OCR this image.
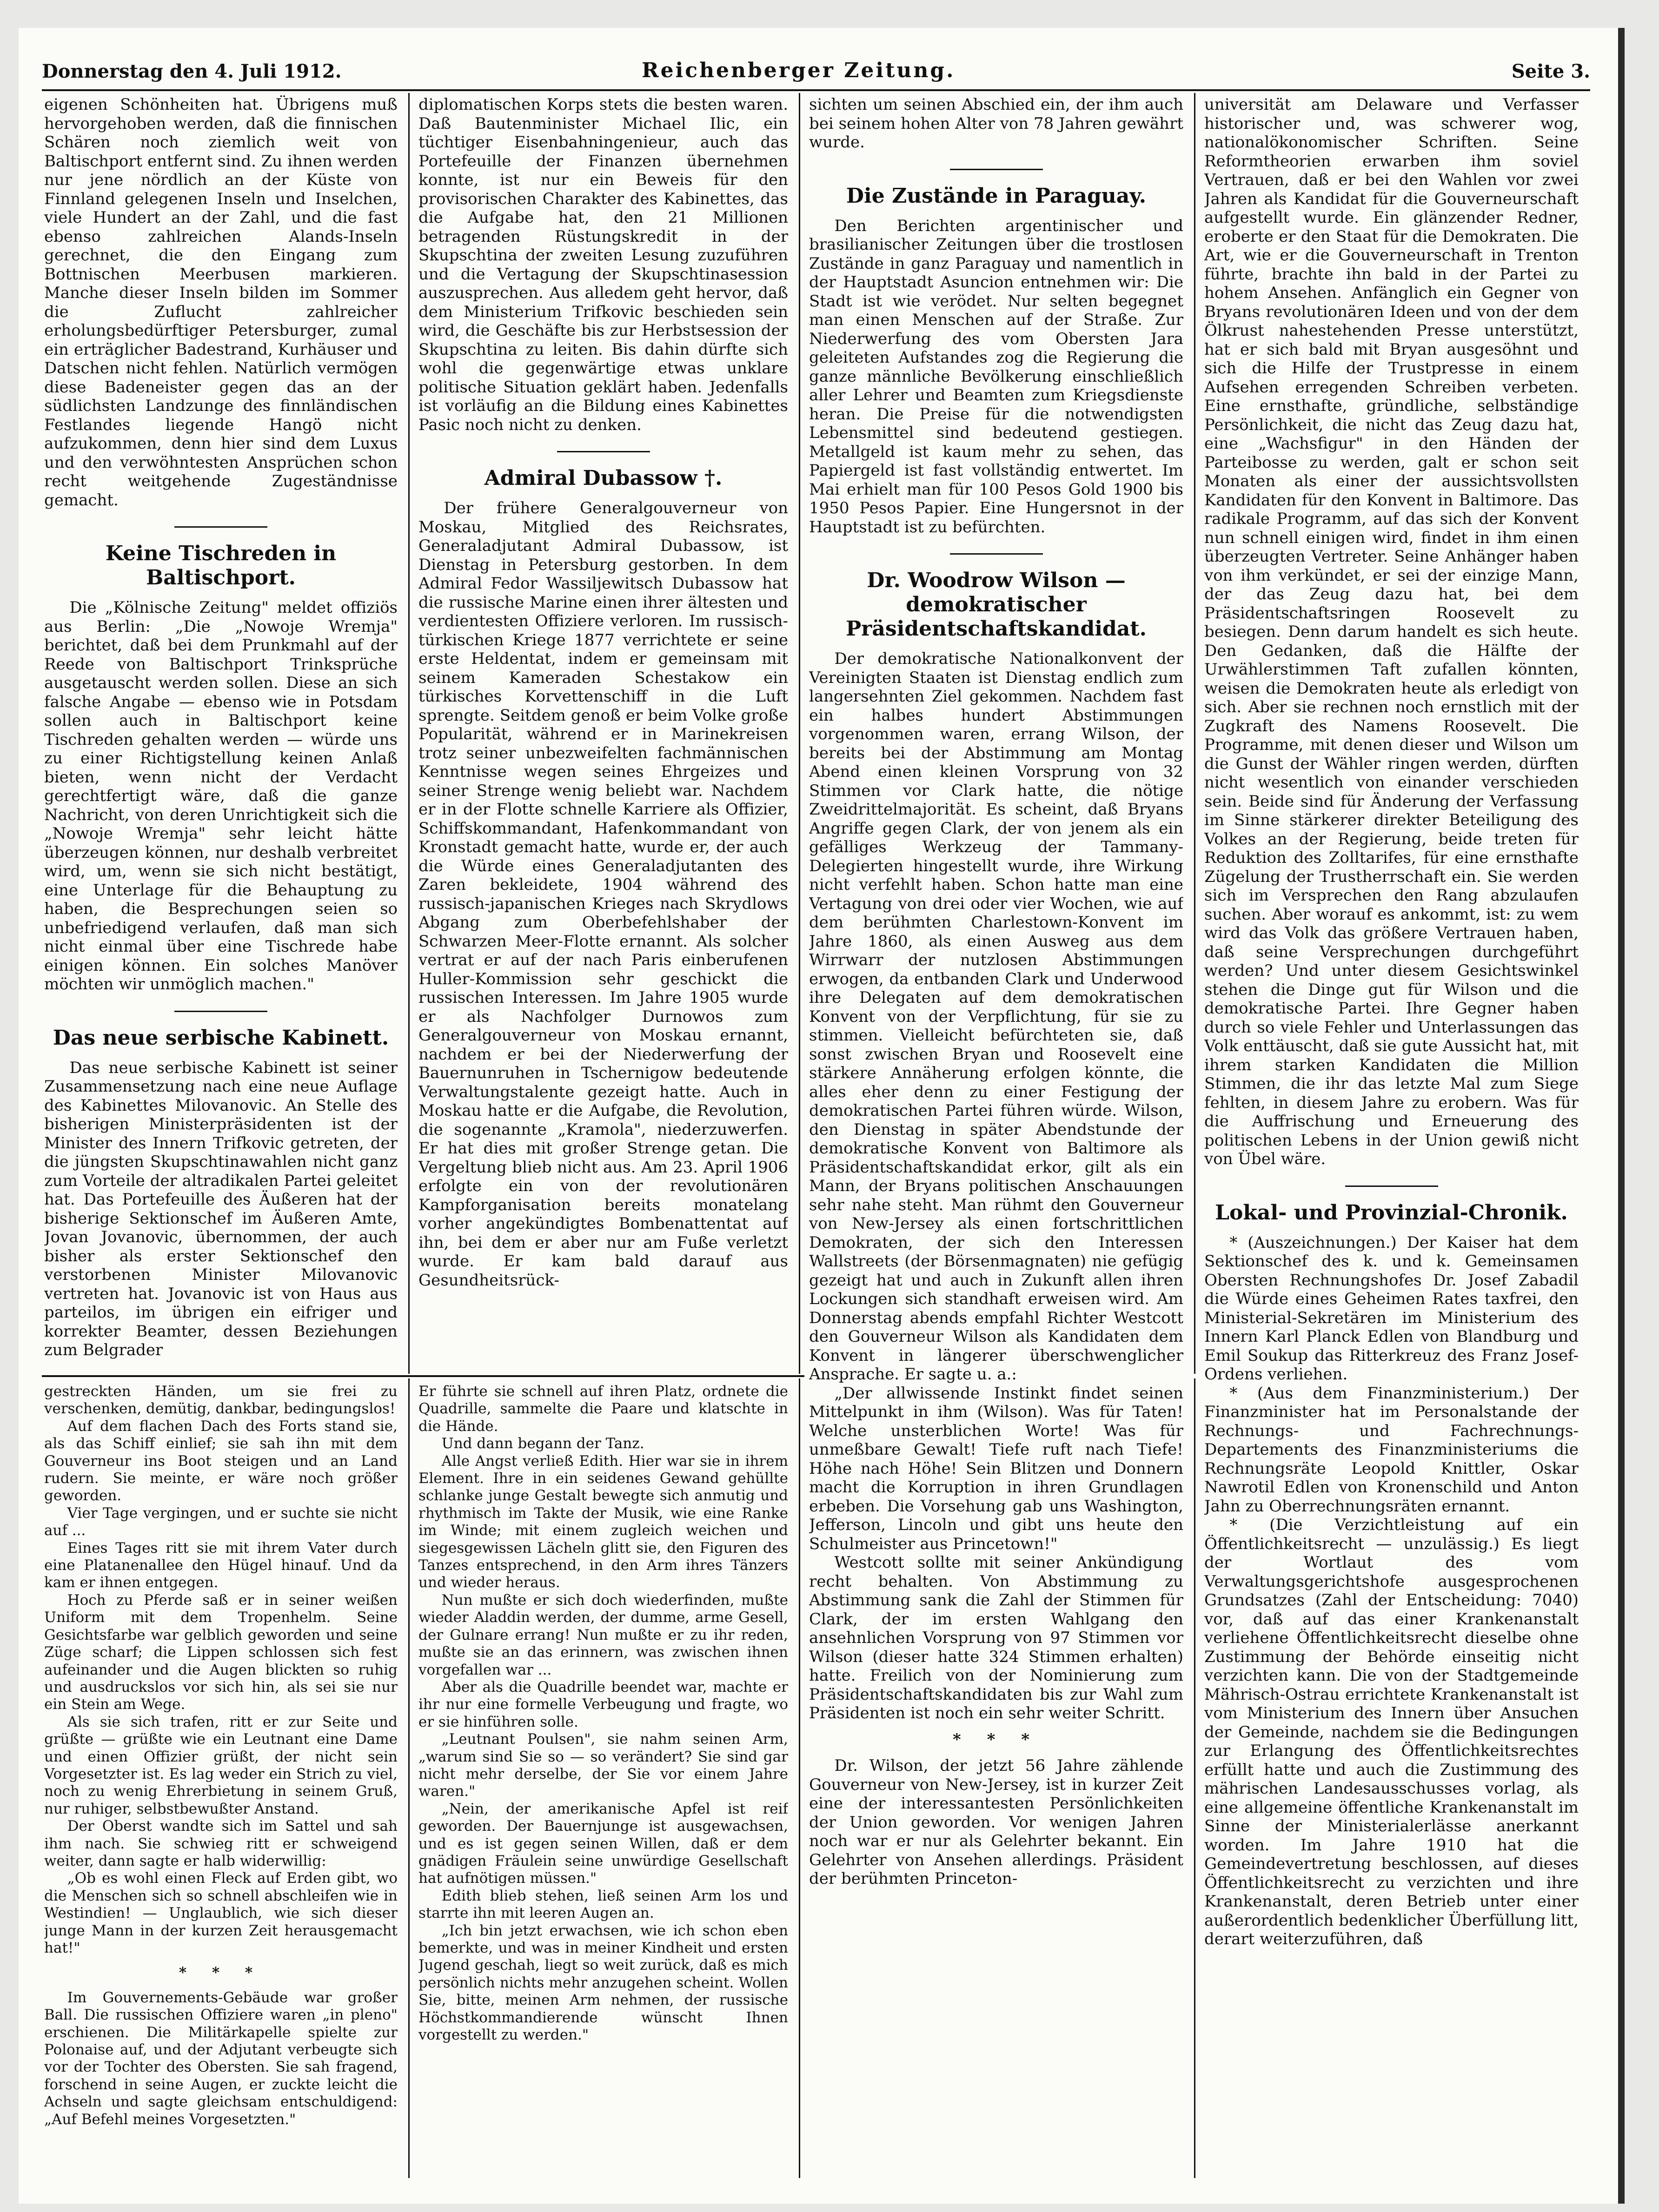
Donnerstag den 4. Juli 1912.	Reichenberger Zeitung.	Seite 3.

eigenen Schönheiten hat. Übrigens muß hervorgehoben werden, daß die finnischen Schären noch ziemlich weit von Baltischport entfernt sind. Zu ihnen werden nur jene nördlich an der Küste von Finnland gelegenen Inseln und Inselchen, viele Hundert an der Zahl, und die fast ebenso zahlreichen Alands-Inseln gerechnet, die den Eingang zum Bottnischen Meerbusen markieren. Manche dieser Inseln bilden im Sommer die Zuflucht zahlreicher erholungsbedürftiger Petersburger, zumal ein erträglicher Badestrand, Kurhäuser und Datschen nicht fehlen. Natürlich vermögen diese Badeneister gegen das an der südlichsten Landzunge des finnländischen Festlandes liegende Hangö nicht aufzukommen, denn hier sind dem Luxus und den verwöhntesten Ansprüchen schon recht weitgehende Zugeständnisse gemacht.

Keine Tischreden in Baltischport.

Die „Kölnische Zeitung" meldet offiziös aus Berlin: „Die „Nowoje Wremja" berichtet, daß bei dem Prunkmahl auf der Reede von Baltischport Trinksprüche ausgetauscht werden sollen. Diese an sich falsche Angabe — ebenso wie in Potsdam sollen auch in Baltischport keine Tischreden gehalten werden — würde uns zu einer Richtigstellung keinen Anlaß bieten, wenn nicht der Verdacht gerechtfertigt wäre, daß die ganze Nachricht, von deren Unrichtigkeit sich die „Nowoje Wremja" sehr leicht hätte überzeugen können, nur deshalb verbreitet wird, um, wenn sie sich nicht bestätigt, eine Unterlage für die Behauptung zu haben, die Besprechungen seien so unbefriedigend verlaufen, daß man sich nicht einmal über eine Tischrede habe einigen können. Ein solches Manöver möchten wir unmöglich machen."

Das neue serbische Kabinett.

Das neue serbische Kabinett ist seiner Zusammensetzung nach eine neue Auflage des Kabinettes Milovanovic. An Stelle des bisherigen Ministerpräsidenten ist der Minister des Innern Trifkovic getreten, der die jüngsten Skupschtinawahlen nicht ganz zum Vorteile der altradikalen Partei geleitet hat. Das Portefeuille des Äußeren hat der bisherige Sektionschef im Äußeren Amte, Jovan Jovanovic, übernommen, der auch bisher als erster Sektionschef den verstorbenen Minister Milovanovic vertreten hat. Jovanovic ist von Haus aus parteilos, im übrigen ein eifriger und korrekter Beamter, dessen Beziehungen zum Belgrader

diplomatischen Korps stets die besten waren. Daß Bautenminister Michael Ilic, ein tüchtiger Eisenbahningenieur, auch das Portefeuille der Finanzen übernehmen konnte, ist nur ein Beweis für den provisorischen Charakter des Kabinettes, das die Aufgabe hat, den 21 Millionen betragenden Rüstungskredit in der Skupschtina der zweiten Lesung zuzuführen und die Vertagung der Skupschtinasession auszusprechen. Aus alledem geht hervor, daß dem Ministerium Trifkovic beschieden sein wird, die Geschäfte bis zur Herbstsession der Skupschtina zu leiten. Bis dahin dürfte sich wohl die gegenwärtige etwas unklare politische Situation geklärt haben. Jedenfalls ist vorläufig an die Bildung eines Kabinettes Pasic noch nicht zu denken.

Admiral Dubassow †.

Der frühere Generalgouverneur von Moskau, Mitglied des Reichsrates, Generaladjutant Admiral Dubassow, ist Dienstag in Petersburg gestorben. In dem Admiral Fedor Wassiljewitsch Dubassow hat die russische Marine einen ihrer ältesten und verdientesten Offiziere verloren. Im russisch-türkischen Kriege 1877 verrichtete er seine erste Heldentat, indem er gemeinsam mit seinem Kameraden Schestakow ein türkisches Korvettenschiff in die Luft sprengte. Seitdem genoß er beim Volke große Popularität, während er in Marinekreisen trotz seiner unbezweifelten fachmännischen Kenntnisse wegen seines Ehrgeizes und seiner Strenge wenig beliebt war. Nachdem er in der Flotte schnelle Karriere als Offizier, Schiffskommandant, Hafenkommandant von Kronstadt gemacht hatte, wurde er, der auch die Würde eines Generaladjutanten des Zaren bekleidete, 1904 während des russisch-japanischen Krieges nach Skrydlows Abgang zum Oberbefehlshaber der Schwarzen Meer-Flotte ernannt. Als solcher vertrat er auf der nach Paris einberufenen Huller-Kommission sehr geschickt die russischen Interessen. Im Jahre 1905 wurde er als Nachfolger Durnowos zum Generalgouverneur von Moskau ernannt, nachdem er bei der Niederwerfung der Bauernunruhen in Tschernigow bedeutende Verwaltungstalente gezeigt hatte. Auch in Moskau hatte er die Aufgabe, die Revolution, die sogenannte „Kramola", niederzuwerfen. Er hat dies mit großer Strenge getan. Die Vergeltung blieb nicht aus. Am 23. April 1906 erfolgte ein von der revolutionären Kampforganisation bereits monatelang vorher angekündigtes Bombenattentat auf ihn, bei dem er aber nur am Fuße verletzt wurde. Er kam bald darauf aus Gesundheitsrück-

sichten um seinen Abschied ein, der ihm auch bei seinem hohen Alter von 78 Jahren gewährt wurde.

Die Zustände in Paraguay.

Den Berichten argentinischer und brasilianischer Zeitungen über die trostlosen Zustände in ganz Paraguay und namentlich in der Hauptstadt Asuncion entnehmen wir: Die Stadt ist wie verödet. Nur selten begegnet man einen Menschen auf der Straße. Zur Niederwerfung des vom Obersten Jara geleiteten Aufstandes zog die Regierung die ganze männliche Bevölkerung einschließlich aller Lehrer und Beamten zum Kriegsdienste heran. Die Preise für die notwendigsten Lebensmittel sind bedeutend gestiegen. Metallgeld ist kaum mehr zu sehen, das Papiergeld ist fast vollständig entwertet. Im Mai erhielt man für 100 Pesos Gold 1900 bis 1950 Pesos Papier. Eine Hungersnot in der Hauptstadt ist zu befürchten.

Dr. Woodrow Wilson — demokratischer Präsidentschaftskandidat.

Der demokratische Nationalkonvent der Vereinigten Staaten ist Dienstag endlich zum langersehnten Ziel gekommen. Nachdem fast ein halbes hundert Abstimmungen vorgenommen waren, errang Wilson, der bereits bei der Abstimmung am Montag Abend einen kleinen Vorsprung von 32 Stimmen vor Clark hatte, die nötige Zweidrittelmajorität. Es scheint, daß Bryans Angriffe gegen Clark, der von jenem als ein gefälliges Werkzeug der Tammany-Delegierten hingestellt wurde, ihre Wirkung nicht verfehlt haben. Schon hatte man eine Vertagung von drei oder vier Wochen, wie auf dem berühmten Charlestown-Konvent im Jahre 1860, als einen Ausweg aus dem Wirrwarr der nutzlosen Abstimmungen erwogen, da entbanden Clark und Underwood ihre Delegaten auf dem demokratischen Konvent von der Verpflichtung, für sie zu stimmen. Vielleicht befürchteten sie, daß sonst zwischen Bryan und Roosevelt eine stärkere Annäherung erfolgen könnte, die alles eher denn zu einer Festigung der demokratischen Partei führen würde. Wilson, den Dienstag in später Abendstunde der demokratische Konvent von Baltimore als Präsidentschaftskandidat erkor, gilt als ein Mann, der Bryans politischen Anschauungen sehr nahe steht. Man rühmt den Gouverneur von New-Jersey als einen fortschrittlichen Demokraten, der sich den Interessen Wallstreets (der Börsenmagnaten) nie gefügig gezeigt hat und auch in Zukunft allen ihren Lockungen sich standhaft erweisen wird. Am Donnerstag abends empfahl Richter Westcott den Gouverneur Wilson als Kandidaten dem Konvent in längerer überschwenglicher Ansprache. Er sagte u. a.:

„Der allwissende Instinkt findet seinen Mittelpunkt in ihm (Wilson). Was für Taten! Welche unsterblichen Worte! Was für unmeßbare Gewalt! Tiefe ruft nach Tiefe! Höhe nach Höhe! Sein Blitzen und Donnern macht die Korruption in ihren Grundlagen erbeben. Die Vorsehung gab uns Washington, Jefferson, Lincoln und gibt uns heute den Schulmeister aus Princetown!"

Westcott sollte mit seiner Ankündigung recht behalten. Von Abstimmung zu Abstimmung sank die Zahl der Stimmen für Clark, der im ersten Wahlgang den ansehnlichen Vorsprung von 97 Stimmen vor Wilson (dieser hatte 324 Stimmen erhalten) hatte. Freilich von der Nominierung zum Präsidentschaftskandidaten bis zur Wahl zum Präsidenten ist noch ein sehr weiter Schritt.

* * *

Dr. Wilson, der jetzt 56 Jahre zählende Gouverneur von New-Jersey, ist in kurzer Zeit eine der interessantesten Persönlichkeiten der Union geworden. Vor wenigen Jahren noch war er nur als Gelehrter bekannt. Ein Gelehrter von Ansehen allerdings. Präsident der berühmten Princeton-

universität am Delaware und Verfasser historischer und, was schwerer wog, nationalökonomischer Schriften. Seine Reformtheorien erwarben ihm soviel Vertrauen, daß er bei den Wahlen vor zwei Jahren als Kandidat für die Gouverneurschaft aufgestellt wurde. Ein glänzender Redner, eroberte er den Staat für die Demokraten. Die Art, wie er die Gouverneurschaft in Trenton führte, brachte ihn bald in der Partei zu hohem Ansehen. Anfänglich ein Gegner von Bryans revolutionären Ideen und von der dem Ölkrust nahestehenden Presse unterstützt, hat er sich bald mit Bryan ausgesöhnt und sich die Hilfe der Trustpresse in einem Aufsehen erregenden Schreiben verbeten. Eine ernsthafte, gründliche, selbständige Persönlichkeit, die nicht das Zeug dazu hat, eine „Wachsfigur" in den Händen der Parteibosse zu werden, galt er schon seit Monaten als einer der aussichtsvollsten Kandidaten für den Konvent in Baltimore. Das radikale Programm, auf das sich der Konvent nun schnell einigen wird, findet in ihm einen überzeugten Vertreter. Seine Anhänger haben von ihm verkündet, er sei der einzige Mann, der das Zeug dazu hat, bei dem Präsidentschaftsringen Roosevelt zu besiegen. Denn darum handelt es sich heute. Den Gedanken, daß die Hälfte der Urwählerstimmen Taft zufallen könnten, weisen die Demokraten heute als erledigt von sich. Aber sie rechnen noch ernstlich mit der Zugkraft des Namens Roosevelt. Die Programme, mit denen dieser und Wilson um die Gunst der Wähler ringen werden, dürften nicht wesentlich von einander verschieden sein. Beide sind für Änderung der Verfassung im Sinne stärkerer direkter Beteiligung des Volkes an der Regierung, beide treten für Reduktion des Zolltarifes, für eine ernsthafte Zügelung der Trustherrschaft ein. Sie werden sich im Versprechen den Rang abzulaufen suchen. Aber worauf es ankommt, ist: zu wem wird das Volk das größere Vertrauen haben, daß seine Versprechungen durchgeführt werden? Und unter diesem Gesichtswinkel stehen die Dinge gut für Wilson und die demokratische Partei. Ihre Gegner haben durch so viele Fehler und Unterlassungen das Volk enttäuscht, daß sie gute Aussicht hat, mit ihrem starken Kandidaten die Million Stimmen, die ihr das letzte Mal zum Siege fehlten, in diesem Jahre zu erobern. Was für die Auffrischung und Erneuerung des politischen Lebens in der Union gewiß nicht von Übel wäre.

Lokal- und Provinzial-Chronik.

* (Auszeichnungen.) Der Kaiser hat dem Sektionschef des k. und k. Gemeinsamen Obersten Rechnungshofes Dr. Josef Zabadil die Würde eines Geheimen Rates taxfrei, den Ministerial-Sekretären im Ministerium des Innern Karl Planck Edlen von Blandburg und Emil Soukup das Ritterkreuz des Franz Josef-Ordens verliehen.

* (Aus dem Finanzministerium.) Der Finanzminister hat im Personalstande der Rechnungs- und Fachrechnungs-Departements des Finanzministeriums die Rechnungsräte Leopold Knittler, Oskar Nawrotil Edlen von Kronenschild und Anton Jahn zu Oberrechnungsräten ernannt.

* (Die Verzichtleistung auf ein Öffentlichkeitsrecht — unzulässig.) Es liegt der Wortlaut des vom Verwaltungsgerichtshofe ausgesprochenen Grundsatzes (Zahl der Entscheidung: 7040) vor, daß auf das einer Krankenanstalt verliehene Öffentlichkeitsrecht dieselbe ohne Zustimmung der Behörde einseitig nicht verzichten kann. Die von der Stadtgemeinde Mährisch-Ostrau errichtete Krankenanstalt ist vom Ministerium des Innern über Ansuchen der Gemeinde, nachdem sie die Bedingungen zur Erlangung des Öffentlichkeitsrechtes erfüllt hatte und auch die Zustimmung des mährischen Landesausschusses vorlag, als eine allgemeine öffentliche Krankenanstalt im Sinne der Ministerialerlässe anerkannt worden. Im Jahre 1910 hat die Gemeindevertretung beschlossen, auf dieses Öffentlichkeitsrecht zu verzichten und ihre Krankenanstalt, deren Betrieb unter einer außerordentlich bedenklicher Überfüllung litt, derart weiterzuführen, daß

gestreckten Händen, um sie frei zu verschenken, demütig, dankbar, bedingungslos!

Auf dem flachen Dach des Forts stand sie, als das Schiff einlief; sie sah ihn mit dem Gouverneur ins Boot steigen und an Land rudern. Sie meinte, er wäre noch größer geworden.

Vier Tage vergingen, und er suchte sie nicht auf ...

Eines Tages ritt sie mit ihrem Vater durch eine Platanenallee den Hügel hinauf. Und da kam er ihnen entgegen.

Hoch zu Pferde saß er in seiner weißen Uniform mit dem Tropenhelm. Seine Gesichtsfarbe war gelblich geworden und seine Züge scharf; die Lippen schlossen sich fest aufeinander und die Augen blickten so ruhig und ausdruckslos vor sich hin, als sei sie nur ein Stein am Wege.

Als sie sich trafen, ritt er zur Seite und grüßte — grüßte wie ein Leutnant eine Dame und einen Offizier grüßt, der nicht sein Vorgesetzter ist. Es lag weder ein Strich zu viel, noch zu wenig Ehrerbietung in seinem Gruß, nur ruhiger, selbstbewußter Anstand.

Der Oberst wandte sich im Sattel und sah ihm nach. Sie schwieg ritt er schweigend weiter, dann sagte er halb widerwillig:

„Ob es wohl einen Fleck auf Erden gibt, wo die Menschen sich so schnell abschleifen wie in Westindien! — Unglaublich, wie sich dieser junge Mann in der kurzen Zeit herausgemacht hat!"

* * *

Im Gouvernements-Gebäude war großer Ball. Die russischen Offiziere waren „in pleno" erschienen. Die Militärkapelle spielte zur Polonaise auf, und der Adjutant verbeugte sich vor der Tochter des Obersten. Sie sah fragend, forschend in seine Augen, er zuckte leicht die Achseln und sagte gleichsam entschuldigend: „Auf Befehl meines Vorgesetzten."

Er führte sie schnell auf ihren Platz, ordnete die Quadrille, sammelte die Paare und klatschte in die Hände.

Und dann begann der Tanz.

Alle Angst verließ Edith. Hier war sie in ihrem Element. Ihre in ein seidenes Gewand gehüllte schlanke junge Gestalt bewegte sich anmutig und rhythmisch im Takte der Musik, wie eine Ranke im Winde; mit einem zugleich weichen und siegesgewissen Lächeln glitt sie, den Figuren des Tanzes entsprechend, in den Arm ihres Tänzers und wieder heraus.

Nun mußte er sich doch wiederfinden, mußte wieder Aladdin werden, der dumme, arme Gesell, der Gulnare errang! Nun mußte er zu ihr reden, mußte sie an das erinnern, was zwischen ihnen vorgefallen war ...

Aber als die Quadrille beendet war, machte er ihr nur eine formelle Verbeugung und fragte, wo er sie hinführen solle.

„Leutnant Poulsen", sie nahm seinen Arm, „warum sind Sie so — so verändert? Sie sind gar nicht mehr derselbe, der Sie vor einem Jahre waren."

„Nein, der amerikanische Apfel ist reif geworden. Der Bauernjunge ist ausgewachsen, und es ist gegen seinen Willen, daß er dem gnädigen Fräulein seine unwürdige Gesellschaft hat aufnötigen müssen."

Edith blieb stehen, ließ seinen Arm los und starrte ihn mit leeren Augen an.

„Ich bin jetzt erwachsen, wie ich schon eben bemerkte, und was in meiner Kindheit und ersten Jugend geschah, liegt so weit zurück, daß es mich persönlich nichts mehr anzugehen scheint. Wollen Sie, bitte, meinen Arm nehmen, der russische Höchstkommandierende wünscht Ihnen vorgestellt zu werden."
